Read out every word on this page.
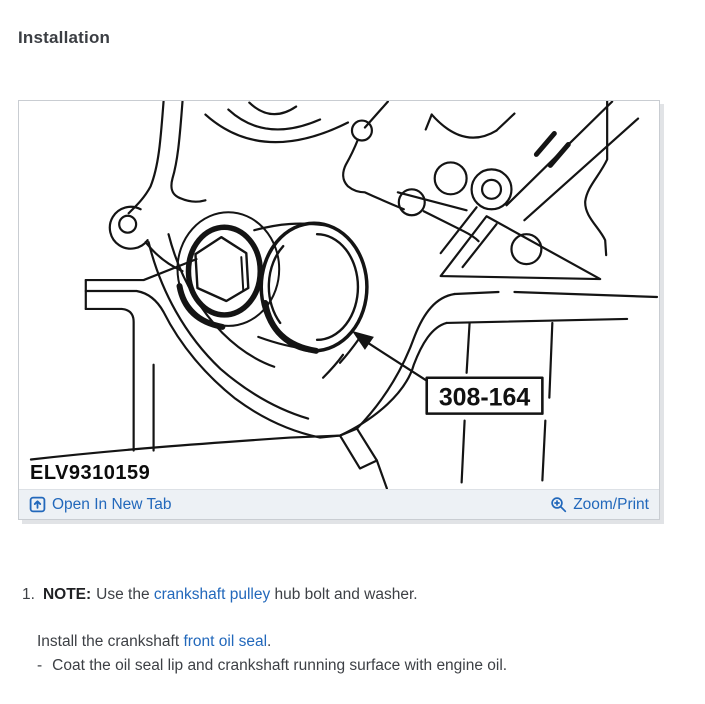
Installation
308-164
ELV9310159
Open In New Tab	Zoom/Print
1. NOTE: Use the crankshaft pulley hub bolt and washer.
Install the crankshaft front oil seal.
- Coat the oil seal lip and crankshaft running surface with engine oil.
